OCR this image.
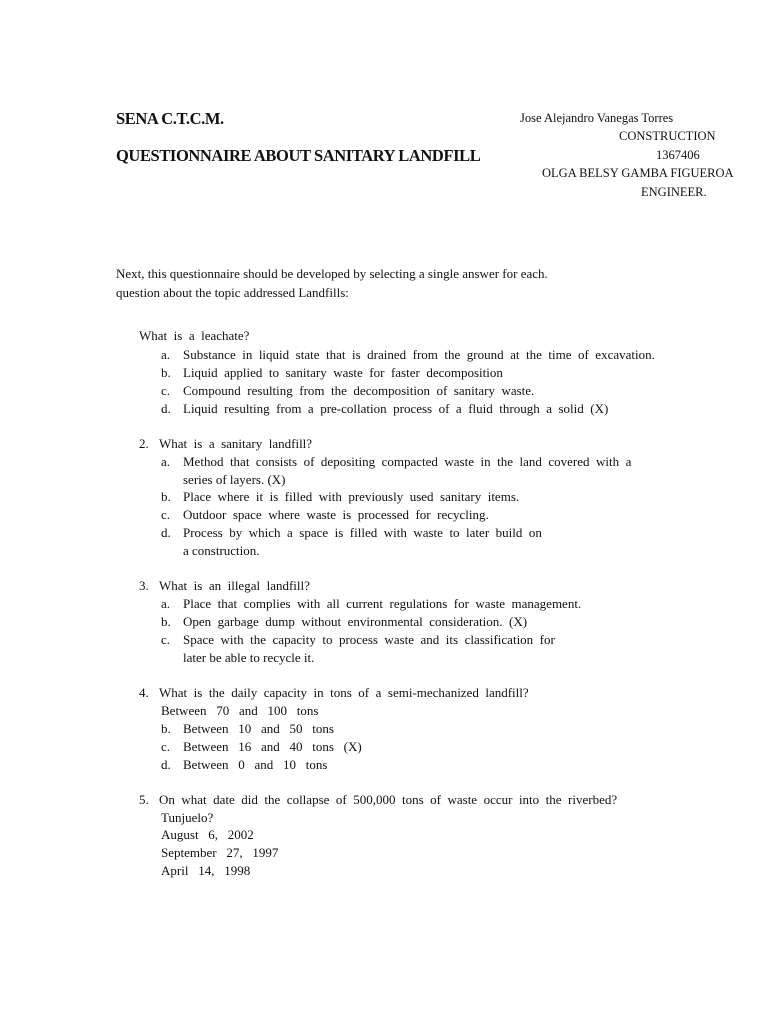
SENA C.T.C.M.
QUESTIONNAIRE ABOUT SANITARY LANDFILL
Jose Alejandro Vanegas Torres
CONSTRUCTION
1367406
OLGA BELSY GAMBA FIGUEROA
ENGINEER.
Next, this questionnaire should be developed by selecting a single answer for each.
question about the topic addressed Landfills:
What  is  a  leachate?
a. Substance  in  liquid  state  that  is  drained  from  the  ground  at  the  time  of  excavation.
b. Liquid  applied  to  sanitary  waste  for  faster  decomposition
c. Compound  resulting  from  the  decomposition  of  sanitary  waste.
d. Liquid  resulting  from  a  pre-collation  process  of  a  fluid  through  a  solid  (X)
2. What  is  a  sanitary  landfill?
a. Method  that  consists  of  depositing  compacted  waste  in  the  land  covered  with  a
series of layers. (X)
b. Place  where  it  is  filled  with  previously  used  sanitary  items.
c. Outdoor  space  where  waste  is  processed  for  recycling.
d. Process  by  which  a  space  is  filled  with  waste  to  later  build  on
a construction.
3. What  is  an  illegal  landfill?
a. Place  that  complies  with  all  current  regulations  for  waste  management.
b. Open  garbage  dump  without  environmental  consideration.  (X)
c. Space  with  the  capacity  to  process  waste  and  its  classification  for
later be able to recycle it.
4. What  is  the  daily  capacity  in  tons  of  a  semi-mechanized  landfill?
Between   70   and   100   tons
b. Between   10   and   50   tons
c. Between   16   and   40   tons   (X)
d. Between   0   and   10   tons
5. On  what  date  did  the  collapse  of  500,000  tons  of  waste  occur  into  the  riverbed?
Tunjuelo?
August   6,   2002
September   27,   1997
April   14,   1998
